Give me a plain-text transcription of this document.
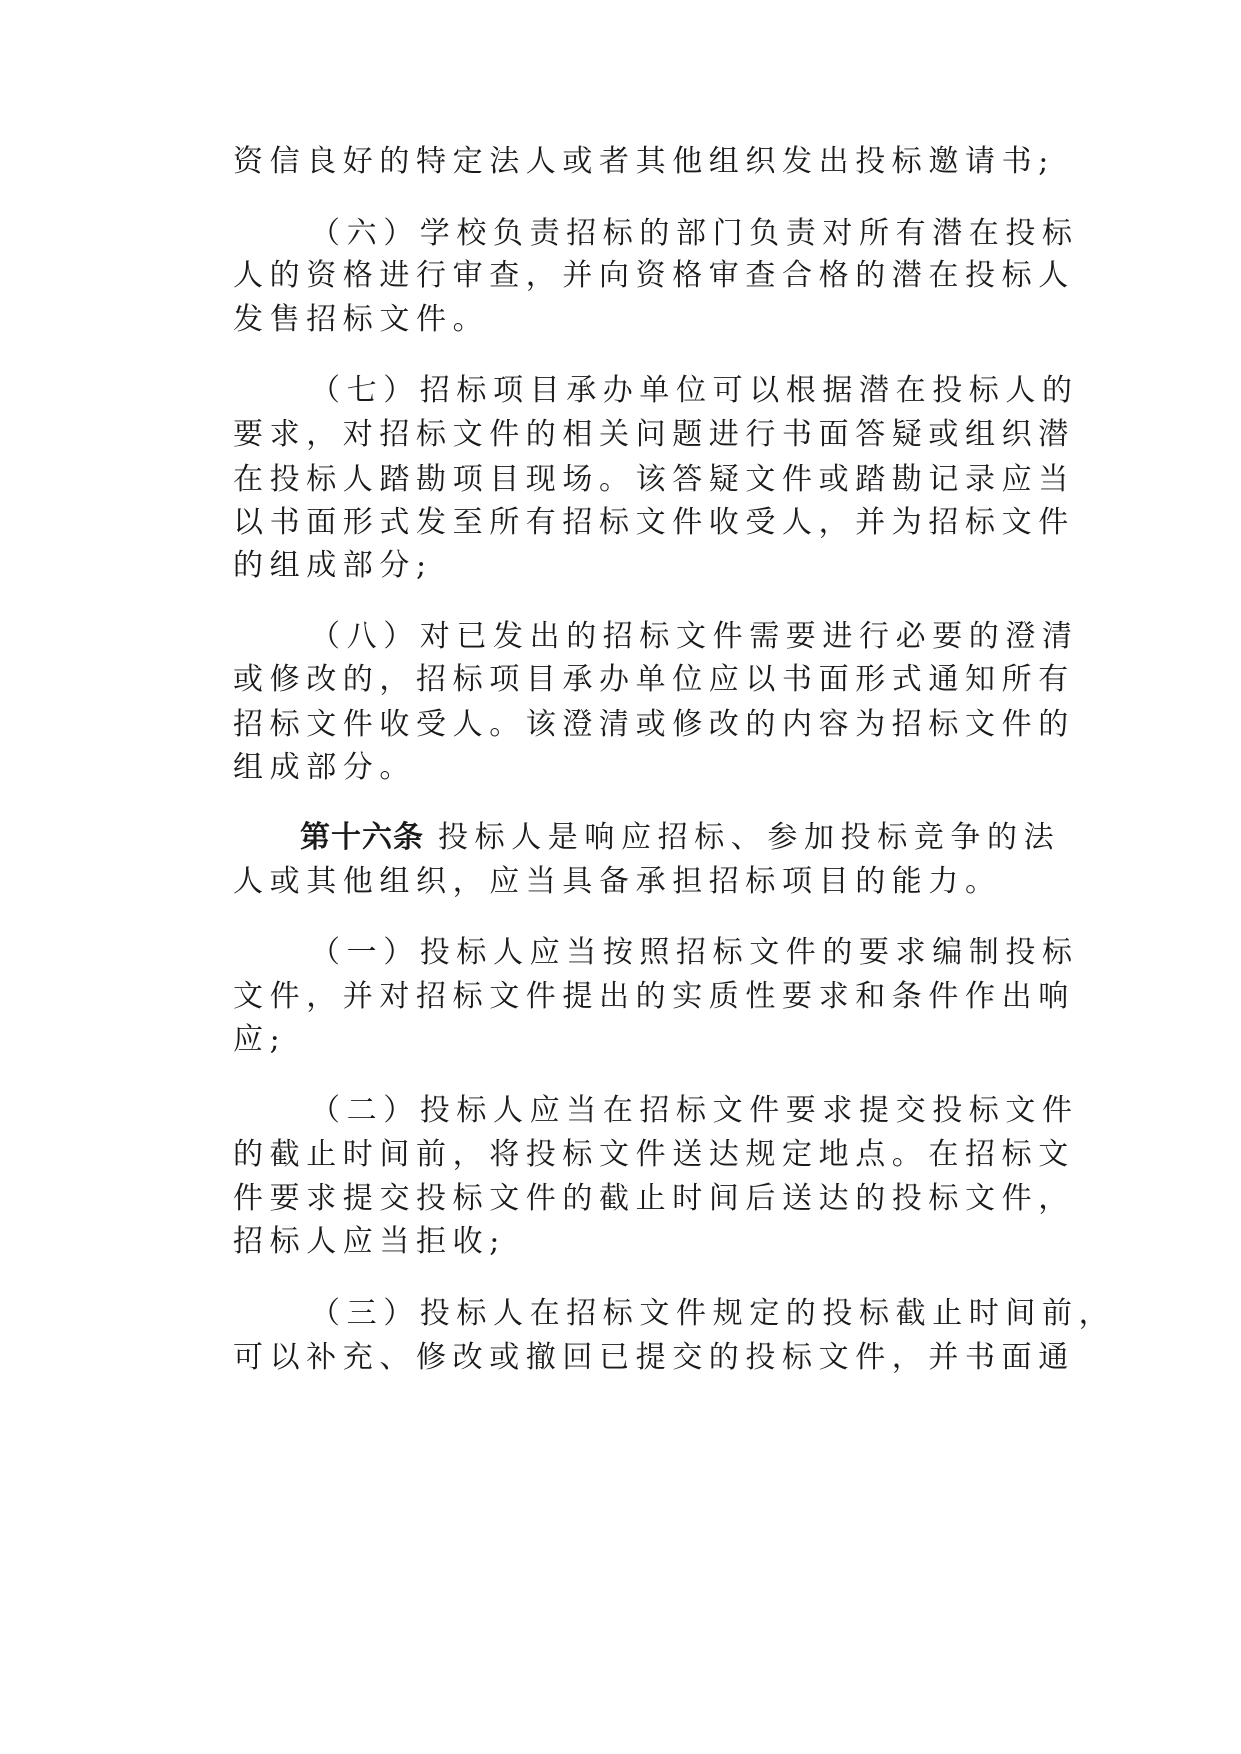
资信良好的特定法人或者其他组织发出投标邀请书;
（六）学校负责招标的部门负责对所有潜在投标
人的资格进行审查，并向资格审查合格的潜在投标人
发售招标文件。
（七）招标项目承办单位可以根据潜在投标人的
要求，对招标文件的相关问题进行书面答疑或组织潜
在投标人踏勘项目现场。该答疑文件或踏勘记录应当
以书面形式发至所有招标文件收受人，并为招标文件
的组成部分;
（八）对已发出的招标文件需要进行必要的澄清
或修改的，招标项目承办单位应以书面形式通知所有
招标文件收受人。该澄清或修改的内容为招标文件的
组成部分。
第十六条 投标人是响应招标、参加投标竞争的法
人或其他组织，应当具备承担招标项目的能力。
（一）投标人应当按照招标文件的要求编制投标
文件，并对招标文件提出的实质性要求和条件作出响
应;
（二）投标人应当在招标文件要求提交投标文件
的截止时间前，将投标文件送达规定地点。在招标文
件要求提交投标文件的截止时间后送达的投标文件，
招标人应当拒收;
（三）投标人在招标文件规定的投标截止时间前，
可以补充、修改或撤回已提交的投标文件，并书面通
